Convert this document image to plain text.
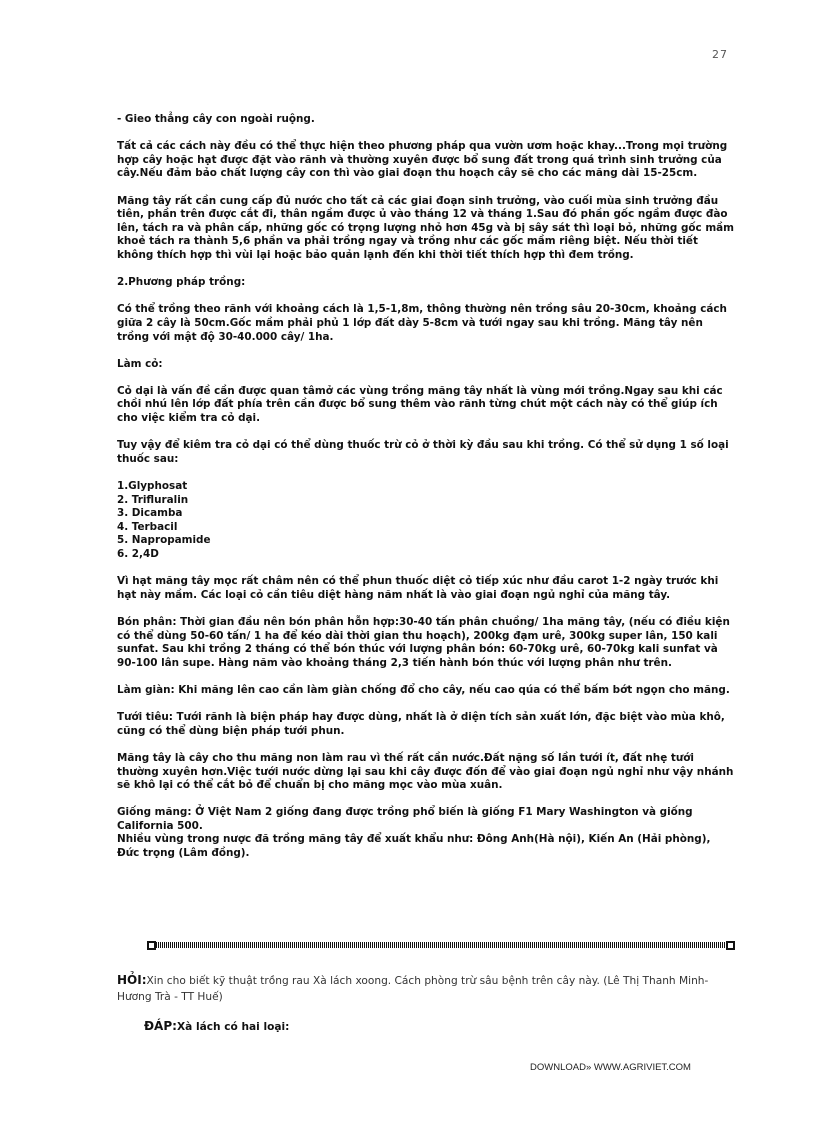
27

- Gieo thẳng cây con ngoài ruộng.

Tất cả các cách này đều có thể thực hiện theo phương pháp qua vườn ươm hoặc khay...Trong mọi trường hợp cây hoặc hạt được đặt vào rãnh và thường xuyên được bổ sung đất trong quá trình sinh trưởng của cây.Nếu đảm bảo chất lượng cây con thì vào giai đoạn thu hoạch cây sẽ cho các măng dài 15-25cm.

Măng tây rất cần cung cấp đủ nước cho tất cả các giai đoạn sinh trưởng, vào cuối mùa sinh trưởng đầu tiên, phần trên được cắt đi, thân ngầm được ủ vào tháng 12 và tháng 1.Sau đó phần gốc ngầm được đào lên, tách ra và phân cấp, những gốc có trọng lượng nhỏ hơn 45g và bị sây sát thì loại bỏ, những gốc mầm khoẻ tách ra thành 5,6 phần va phải trồng ngay và trồng như các gốc mầm riêng biệt. Nếu thời tiết không thích hợp thì vùi lại hoặc bảo quản lạnh đến khi thời tiết thích hợp thì đem trồng.

2.Phương pháp trồng:

Có thể trồng theo rãnh với khoảng cách là 1,5-1,8m, thông thường nên trồng sâu 20-30cm, khoảng cách giữa 2 cây là 50cm.Gốc mầm phải phủ 1 lớp đất dày 5-8cm và tưới ngay sau khi trồng. Măng tây nên trồng với mật độ 30-40.000 cây/ 1ha.

Làm cỏ:

Cỏ dại là vấn đề cần được quan tâmở các vùng trồng măng tây nhất là vùng mới trồng.Ngay sau khi các chồi nhú lên lớp đất phía trên cần được bổ sung thêm vào rãnh từng chút một cách này có thể giúp ích cho việc kiểm tra cỏ dại.

Tuy vậy để kiêm tra cỏ dại có thể dùng thuốc trừ cỏ ở thời kỳ đầu sau khi trồng. Có thể sử dụng 1 số loại thuốc sau:

1.Glyphosat
2. Trifluralin
3. Dicamba
4. Terbacil
5. Napropamide
6. 2,4D

Vì hạt măng tây mọc rất châm nên có thể phun thuốc diệt cỏ tiếp xúc như đầu carot 1-2 ngày trước khi hạt này mầm. Các loại cỏ cần tiêu diệt hàng năm nhất là vào giai đoạn ngủ nghỉ của măng tây.

Bón phân: Thời gian đầu nên bón phân hỗn hợp:30-40 tấn phân chuồng/ 1ha măng tây, (nếu có điều kiện có thể dùng 50-60 tấn/ 1 ha để kéo dài thời gian thu hoạch), 200kg đạm urê, 300kg super lân, 150 kali sunfat. Sau khi trồng 2 tháng có thể bón thúc với lượng phân bón: 60-70kg urê, 60-70kg kali sunfat và 90-100 lân supe. Hàng năm vào khoảng tháng 2,3 tiến hành bón thúc với lượng phân như trên.

Làm giàn: Khi măng lên cao cần làm giàn chống đổ cho cây, nếu cao qúa có thể bấm bớt ngọn cho măng.

Tưới tiêu: Tưới rãnh là biện pháp hay được dùng, nhất là ở diện tích sản xuất lớn, đặc biệt vào mùa khô, cũng có thể dùng biện pháp tưới phun.

Măng tây là cây cho thu măng non làm rau vì thế rất cần nước.Đất nặng số lần tưới ít, đất nhẹ tưới thường xuyên hơn.Việc tưới nước dừng lại sau khi cây được đốn để vào giai đoạn ngủ nghỉ như vậy nhánh sẽ khô lại có thể cắt bỏ để chuẩn bị cho măng mọc vào mùa xuân.

Giống măng: Ở Việt Nam 2 giống đang được trồng phổ biến là giống F1 Mary Washington và giống California 500.
Nhiều vùng trong nược đã trồng măng tây để xuất khẩu như: Đông Anh(Hà nội), Kiến An (Hải phòng), Đức trọng (Lâm đồng).

HỎI:Xin cho biết kỹ thuật trồng rau Xà lách xoong. Cách phòng trừ sâu bệnh trên cây này. (Lê Thị Thanh Minh- Hương Trà - TT Huế)
ĐÁP:Xà lách có hai loại:
DOWNLOAD» WWW.AGRIVIET.COM
